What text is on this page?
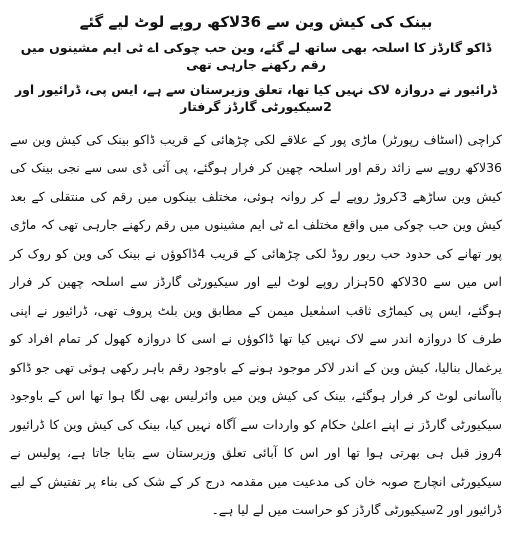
بینک کی کیش وین سے 36لاکھ روپے لوٹ لیے گئے
ڈاکو گارڈز کا اسلحہ بھی ساتھ لے گئے، وین حب چوکی اے ٹی ایم مشینوں میں رقم رکھنے جارہی تھی
ڈرائیور نے دروازہ لاک نہیں کیا تھا، تعلق وزیرستان سے ہے، ایس پی، ڈرائیور اور 2سیکیورٹی گارڈز گرفتار

کراچی (اسٹاف رپورٹر) ماڑی پور کے علاقے لکی چڑھائی کے قریب ڈاکو بینک کی کیش وین سے 36لاکھ روپے سے زائد رقم اور اسلحہ چھین کر فرار ہوگئے، پی آئی ڈی سی سے نجی بینک کی کیش وین ساڑھے 3کروڑ روپے لے کر روانہ ہوئی، مختلف بینکوں میں رقم کی منتقلی کے بعد کیش وین حب چوکی میں واقع مختلف اے ٹی ایم مشینوں میں رقم رکھنے جارہی تھی کہ ماڑی پور تھانے کی حدود حب ریور روڈ لکی چڑھائی کے قریب 4ڈاکوؤں نے بینک کی وین کو روک کر اس میں سے 30لاکھ 50ہزار روپے لوٹ لیے اور سیکیورٹی گارڈز سے اسلحہ چھین کر فرار ہوگئے، ایس پی کیماڑی ثاقب اسمٰعیل میمن کے مطابق وین بلٹ پروف تھی، ڈرائیور نے اپنی طرف کا دروازہ اندر سے لاک نہیں کیا تھا ڈاکوؤں نے اسی کا دروازہ کھول کر تمام افراد کو یرغمال بنالیا، کیش وین کے اندر لاکر موجود ہونے کے باوجود رقم باہر رکھی ہوئی تھی جو ڈاکو باآسانی لوٹ کر فرار ہوگئے، بینک کی کیش وین میں وائرلیس بھی لگا ہوا تھا اس کے باوجود سیکیورٹی گارڈز نے اپنے اعلیٰ حکام کو واردات سے آگاہ نہیں کیا، بینک کی کیش وین کا ڈرائیور 4روز قبل ہی بھرتی ہوا تھا اور اس کا آبائی تعلق وزیرستان سے بتایا جاتا ہے، پولیس نے سیکیورٹی انچارج صوبہ خان کی مدعیت میں مقدمہ درج کر کے شک کی بناء پر تفتیش کے لیے ڈرائیور اور 2سیکیورٹی گارڈز کو حراست میں لے لیا ہے۔
